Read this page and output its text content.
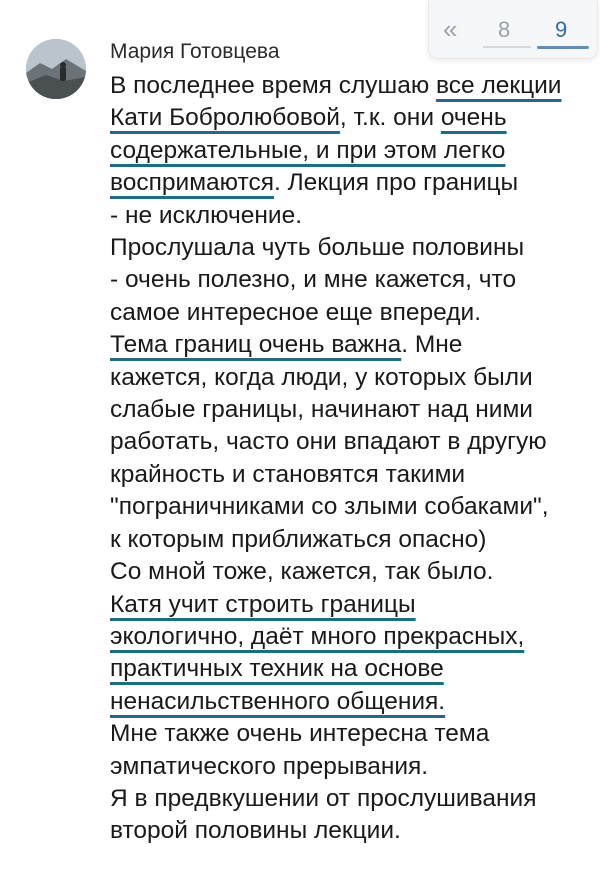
Мария Готовцева
В последнее время слушаю все лекции
Кати Бобролюбовой, т.к. они очень
содержательные, и при этом легко
воспримаются. Лекция про границы
- не исключение.
Прослушала чуть больше половины
- очень полезно, и мне кажется, что
самое интересное еще впереди.
Тема границ очень важна. Мне
кажется, когда люди, у которых были
слабые границы, начинают над ними
работать, часто они впадают в другую
крайность и становятся такими
"пограничниками со злыми собаками",
к которым приближаться опасно)
Со мной тоже, кажется, так было.
Катя учит строить границы
экологично, даёт много прекрасных,
практичных техник на основе
ненасильственного общения.
Мне также очень интересна тема
эмпатического прерывания.
Я в предвкушении от прослушивания
второй половины лекции.
« 8 9
